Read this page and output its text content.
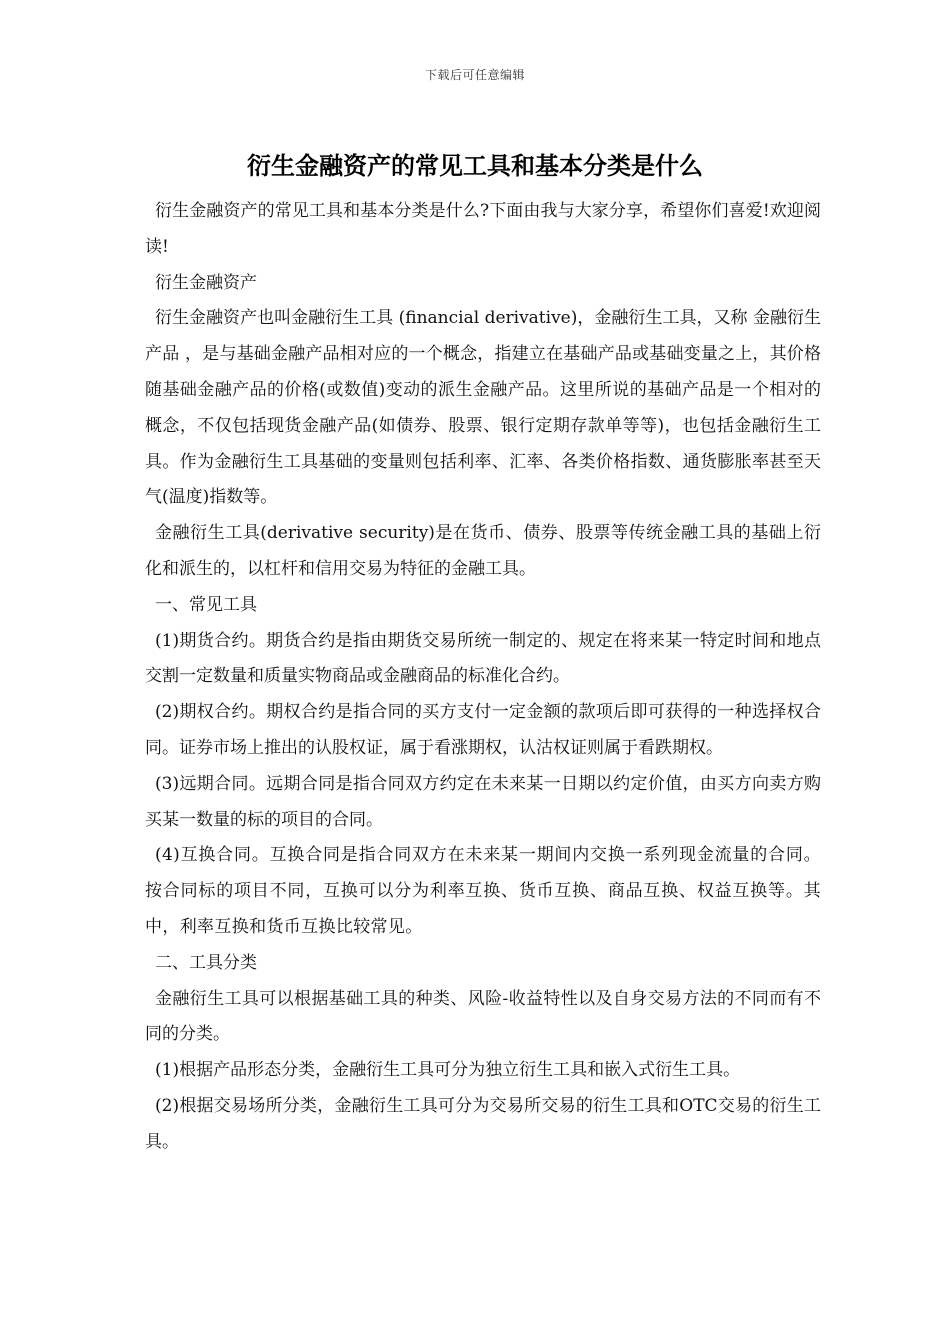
下载后可任意编辑
衍生金融资产的常见工具和基本分类是什么

衍生金融资产的常见工具和基本分类是什么?下面由我与大家分享，希望你们喜爱!欢迎阅读!

衍生金融资产

衍生金融资产也叫金融衍生工具 (financial derivative)，金融衍生工具，又称 金融衍生产品 ，是与基础金融产品相对应的一个概念，指建立在基础产品或基础变量之上，其价格随基础金融产品的价格(或数值)变动的派生金融产品。这里所说的基础产品是一个相对的概念，不仅包括现货金融产品(如债券、股票、银行定期存款单等等)，也包括金融衍生工具。作为金融衍生工具基础的变量则包括利率、汇率、各类价格指数、通货膨胀率甚至天气(温度)指数等。

金融衍生工具(derivative security)是在货币、债券、股票等传统金融工具的基础上衍化和派生的，以杠杆和信用交易为特征的金融工具。

一、常见工具

(1)期货合约。期货合约是指由期货交易所统一制定的、规定在将来某一特定时间和地点交割一定数量和质量实物商品或金融商品的标准化合约。

(2)期权合约。期权合约是指合同的买方支付一定金额的款项后即可获得的一种选择权合同。证券市场上推出的认股权证，属于看涨期权，认沽权证则属于看跌期权。

(3)远期合同。远期合同是指合同双方约定在未来某一日期以约定价值，由买方向卖方购买某一数量的标的项目的合同。

(4)互换合同。互换合同是指合同双方在未来某一期间内交换一系列现金流量的合同。按合同标的项目不同，互换可以分为利率互换、货币互换、商品互换、权益互换等。其中，利率互换和货币互换比较常见。

二、工具分类

金融衍生工具可以根据基础工具的种类、风险-收益特性以及自身交易方法的不同而有不同的分类。

(1)根据产品形态分类，金融衍生工具可分为独立衍生工具和嵌入式衍生工具。

(2)根据交易场所分类，金融衍生工具可分为交易所交易的衍生工具和OTC交易的衍生工具。
